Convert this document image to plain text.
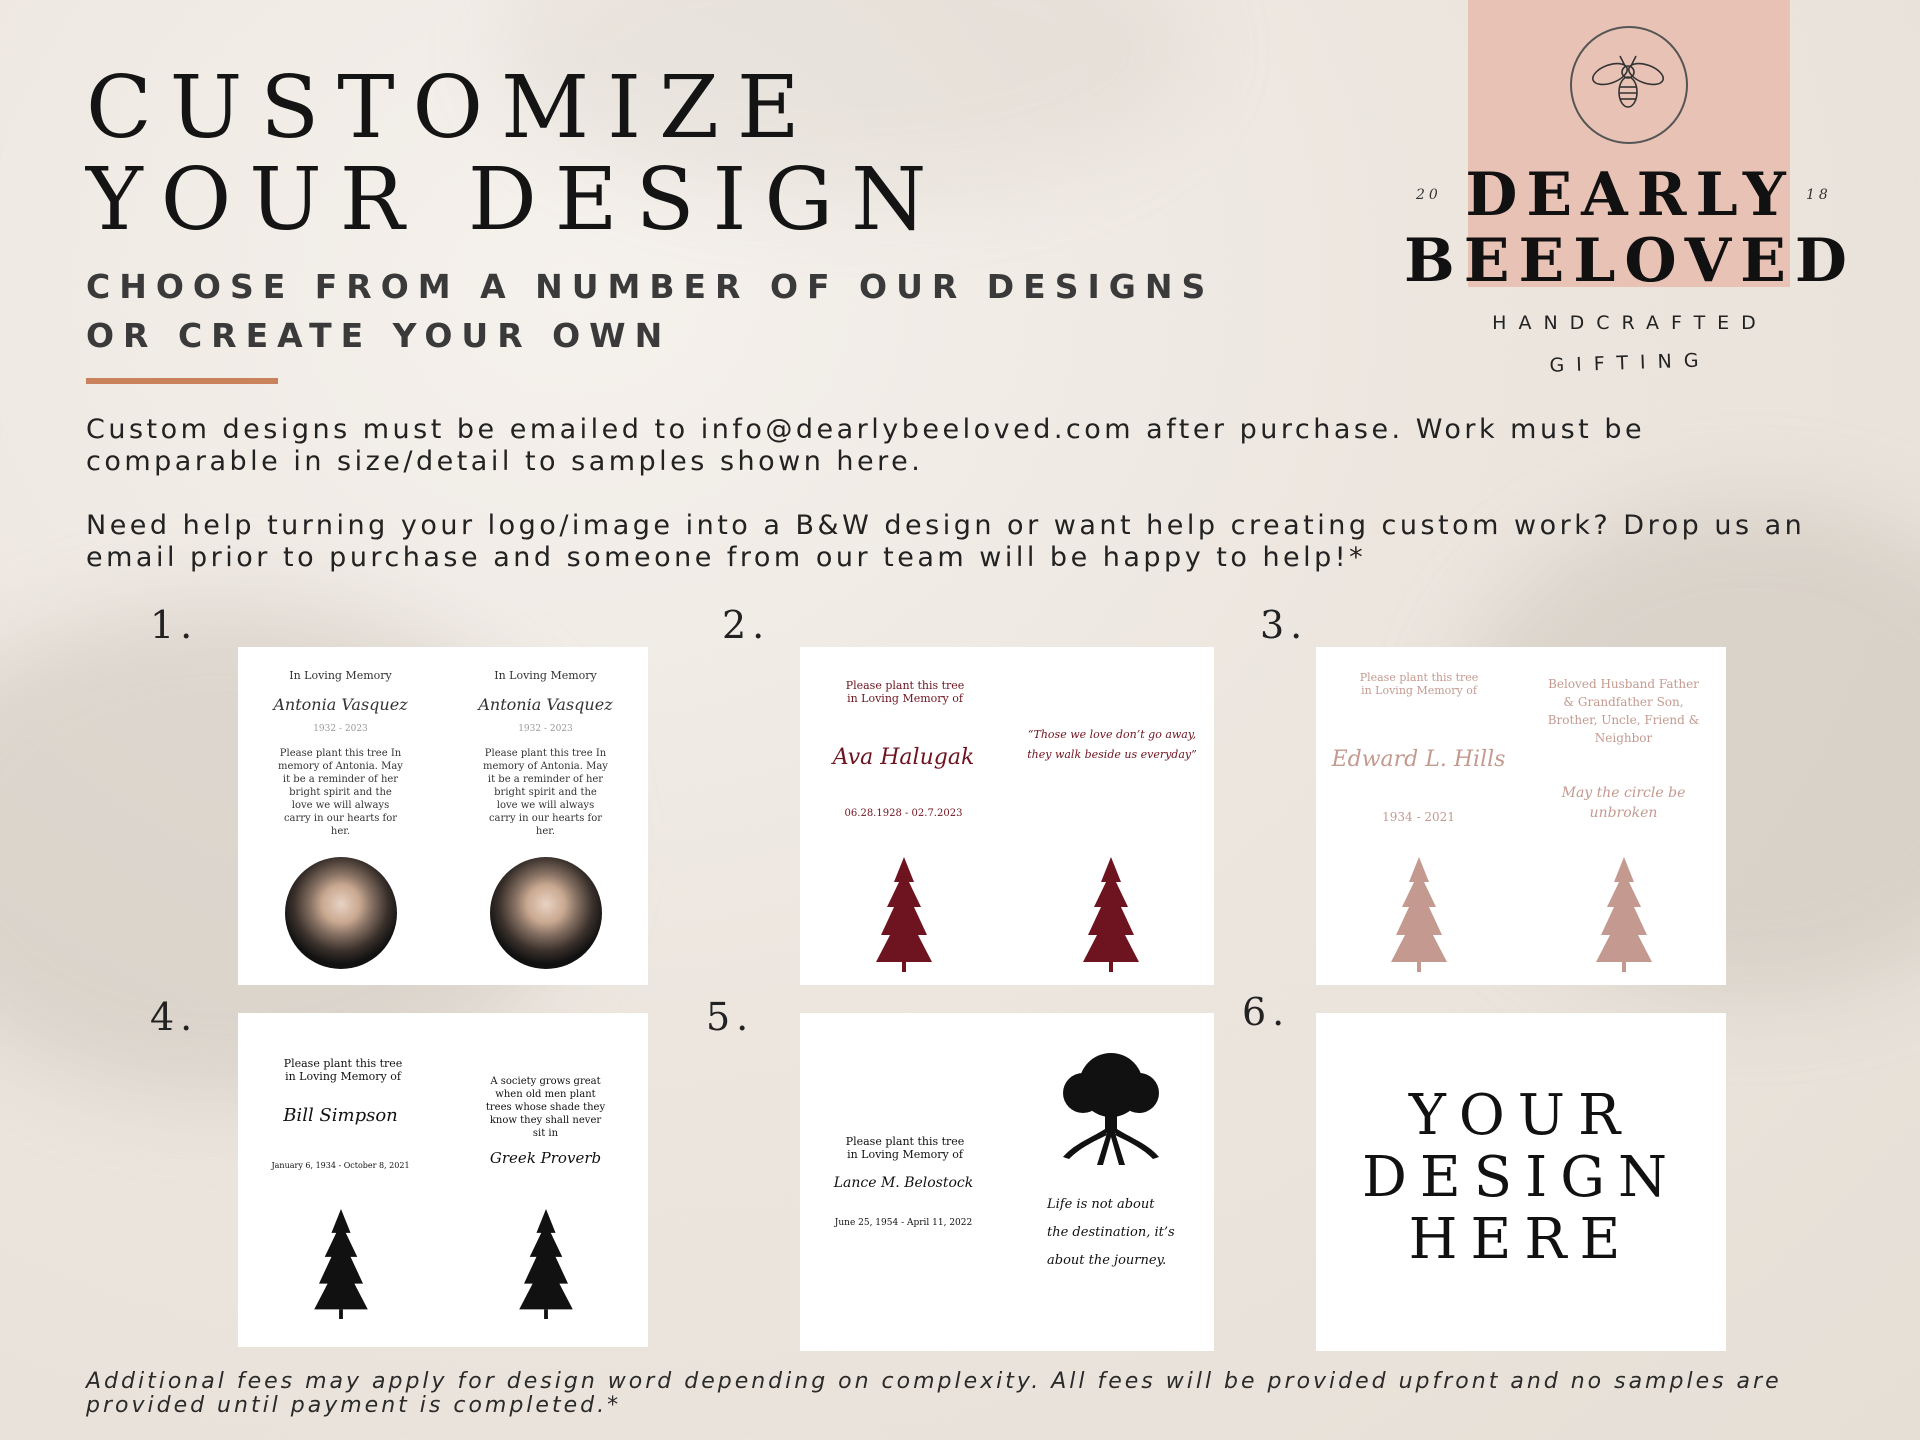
CUSTOMIZE
YOUR DESIGN
CHOOSE FROM A NUMBER OF OUR DESIGNS OR CREATE YOUR OWN
20	18
DEARLY
BEELOVED
HANDCRAFTED
GIFTING
Custom designs must be emailed to info@dearlybeeloved.com after purchase. Work must be comparable in size/detail to samples shown here.
Need help turning your logo/image into a B&W design or want help creating custom work? Drop us an email prior to purchase and someone from our team will be happy to help!*
1.	2.	3.
4.	5.	6.
In Loving Memory
Antonia Vasquez
1932 - 2023
Please plant this tree In memory of Antonia. May it be a reminder of her bright spirit and the love we will always carry in our hearts for her.
In Loving Memory
Antonia Vasquez
1932 - 2023
Please plant this tree In memory of Antonia. May it be a reminder of her bright spirit and the love we will always carry in our hearts for her.
Please plant this tree in Loving Memory of
Ava Halugak
06.28.1928 - 02.7.2023
“Those we love don’t go away, they walk beside us everyday”
Please plant this tree in Loving Memory of
Edward L. Hills
1934 - 2021
Beloved Husband Father & Grandfather Son, Brother, Uncle, Friend & Neighbor
May the circle be unbroken
Please plant this tree in Loving Memory of
Bill Simpson
January 6, 1934 - October 8, 2021
A society grows great when old men plant trees whose shade they know they shall never sit in
Greek Proverb
Please plant this tree in Loving Memory of
Lance M. Belostock
June 25, 1954 - April 11, 2022
Life is not about the destination, it’s about the journey.
YOUR
DESIGN
HERE
Additional fees may apply for design word depending on complexity. All fees will be provided upfront and no samples are provided until payment is completed.*
